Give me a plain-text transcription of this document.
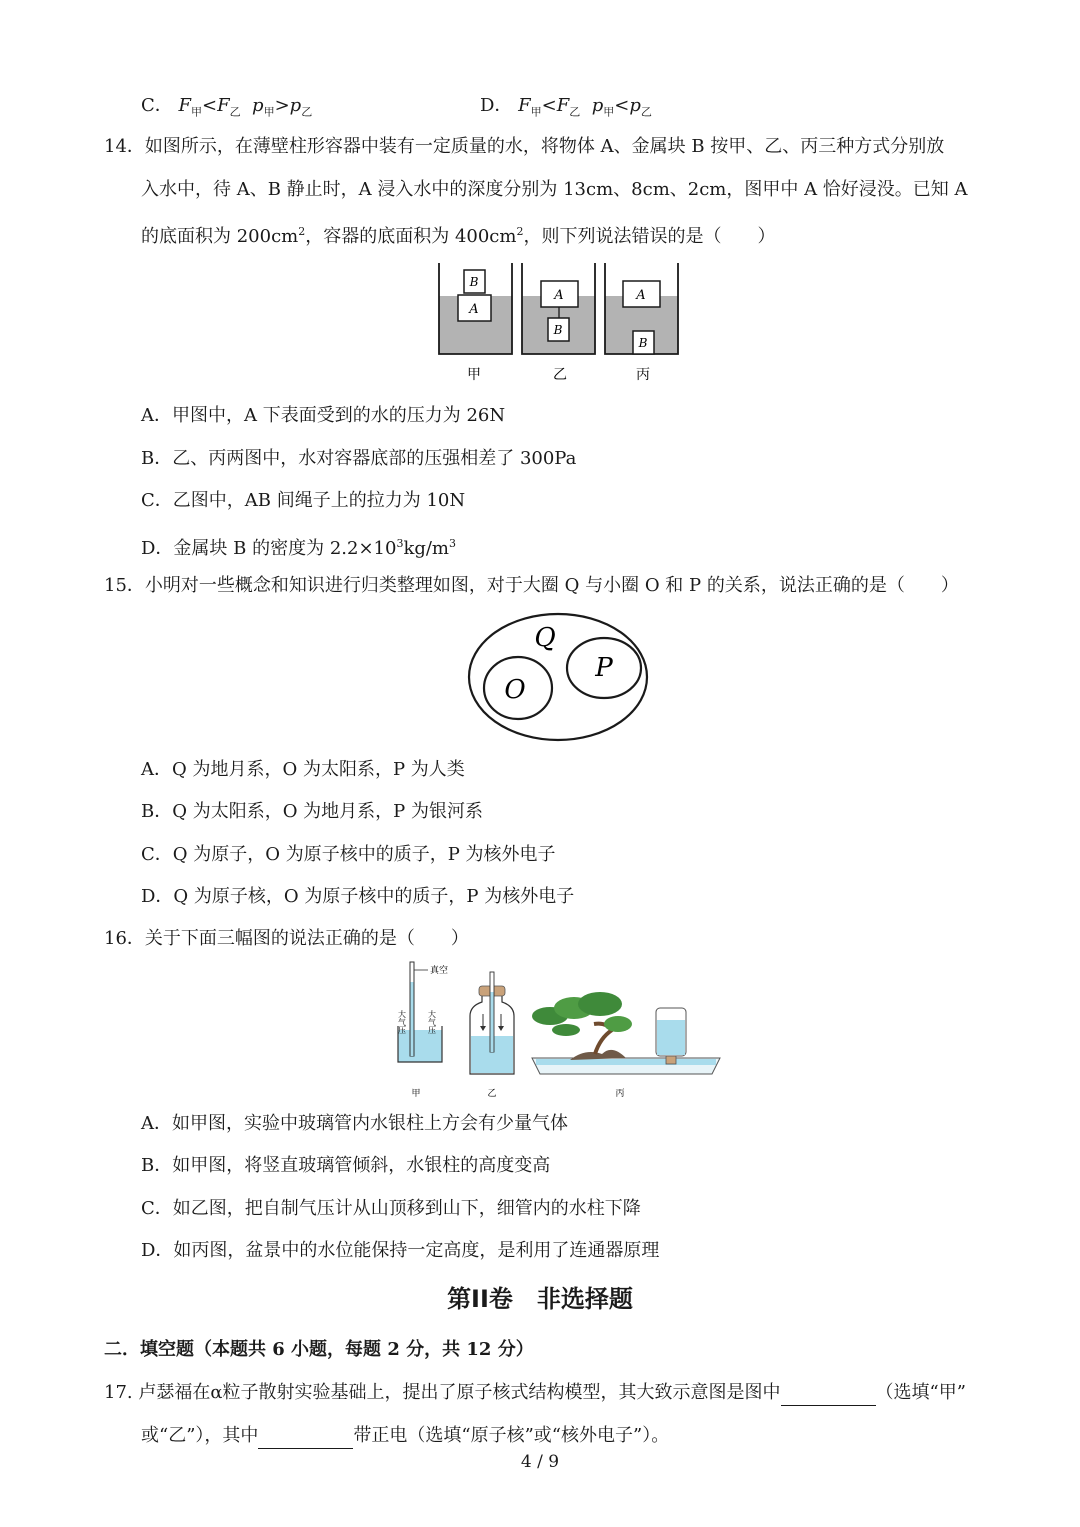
C． $F_甲<F_乙$ $p_甲>p_乙$	D． $F_甲<F_乙$ $p_甲<p_乙$
14．如图所示，在薄壁柱形容器中装有一定质量的水，将物体 A、金属块 B 按甲、乙、丙三种方式分别放
入水中，待 A、B 静止时，A 浸入水中的深度分别为 13cm、8cm、2cm，图甲中 A 恰好浸没。已知 A
的底面积为 $200cm^2$，容器的底面积为 $400cm^2$，则下列说法错误的是（　　）
A
B
A
B
A
B
甲	乙	丙
A．甲图中，A 下表面受到的水的压力为 26N
B．乙、丙两图中，水对容器底部的压强相差了 300Pa
C．乙图中，AB 间绳子上的拉力为 10N
D．金属块 B 的密度为 $2.2\times 10^3kg/m^3$
15．小明对一些概念和知识进行归类整理如图，对于大圈 Q 与小圈 O 和 P 的关系，说法正确的是（　　）
Q
O
P
A．Q 为地月系，O 为太阳系，P 为人类
B．Q 为太阳系，O 为地月系，P 为银河系
C．Q 为原子，O 为原子核中的质子，P 为核外电子
D．Q 为原子核，O 为原子核中的质子，P 为核外电子
16．关于下面三幅图的说法正确的是（　　）
真空
大气压	大气压
甲	乙	丙
A．如甲图，实验中玻璃管内水银柱上方会有少量气体
B．如甲图，将竖直玻璃管倾斜，水银柱的高度变高
C．如乙图，把自制气压计从山顶移到山下，细管内的水柱下降
D．如丙图，盆景中的水位能保持一定高度，是利用了连通器原理
第II卷　非选择题
二．填空题（本题共 6 小题，每题 2 分，共 12 分）
17. 卢瑟福在α粒子散射实验基础上，提出了原子核式结构模型，其大致示意图是图中	（选填“甲”
或“乙”），其中	带正电（选填“原子核”或“核外电子”）。
4 / 9
